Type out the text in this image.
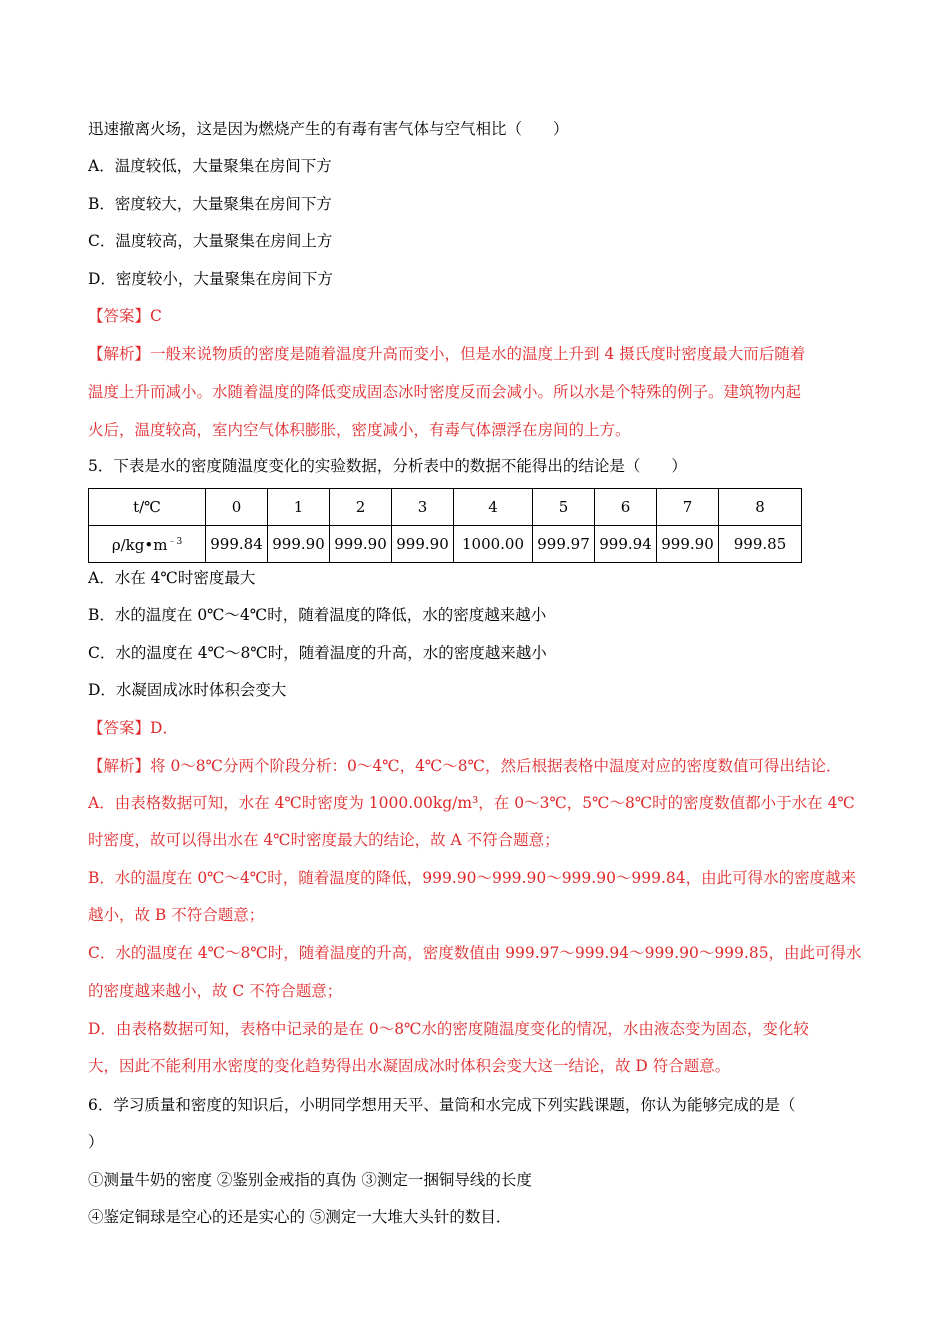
迅速撤离火场，这是因为燃烧产生的有毒有害气体与空气相比（　　）
A．温度较低，大量聚集在房间下方
B．密度较大，大量聚集在房间下方
C．温度较高，大量聚集在房间上方
D．密度较小，大量聚集在房间下方
【答案】C
【解析】一般来说物质的密度是随着温度升高而变小，但是水的温度上升到 4 摄氏度时密度最大而后随着
温度上升而减小。水随着温度的降低变成固态冰时密度反而会减小。所以水是个特殊的例子。建筑物内起
火后，温度较高，室内空气体积膨胀，密度减小，有毒气体漂浮在房间的上方。
5．下表是水的密度随温度变化的实验数据，分析表中的数据不能得出的结论是（　　）
t/℃	0	1	2	3	4	5	6	7	8
$\rho/kg•m^{﹣3}$	999.84	999.90	999.90	999.90	1000.00	999.97	999.94	999.90	999.85
A．水在 4℃时密度最大
B．水的温度在 0℃～4℃时，随着温度的降低，水的密度越来越小
C．水的温度在 4℃～8℃时，随着温度的升高，水的密度越来越小
D．水凝固成冰时体积会变大
【答案】D．
【解析】将 0～8℃分两个阶段分析：0～4℃，4℃～8℃，然后根据表格中温度对应的密度数值可得出结论．
A．由表格数据可知，水在 4℃时密度为 1000.00kg/m³，在 0～3℃，5℃～8℃时的密度数值都小于水在 4℃
时密度，故可以得出水在 4℃时密度最大的结论，故 A 不符合题意；
B．水的温度在 0℃～4℃时，随着温度的降低，999.90～999.90～999.90～999.84，由此可得水的密度越来
越小，故 B 不符合题意；
C．水的温度在 4℃～8℃时，随着温度的升高，密度数值由 999.97～999.94～999.90～999.85，由此可得水
的密度越来越小，故 C 不符合题意；
D．由表格数据可知，表格中记录的是在 0～8℃水的密度随温度变化的情况，水由液态变为固态，变化较
大，因此不能利用水密度的变化趋势得出水凝固成冰时体积会变大这一结论，故 D 符合题意。
6．学习质量和密度的知识后，小明同学想用天平、量筒和水完成下列实践课题，你认为能够完成的是（
）
①测量牛奶的密度 ②鉴别金戒指的真伪 ③测定一捆铜导线的长度
④鉴定铜球是空心的还是实心的 ⑤测定一大堆大头针的数目．
